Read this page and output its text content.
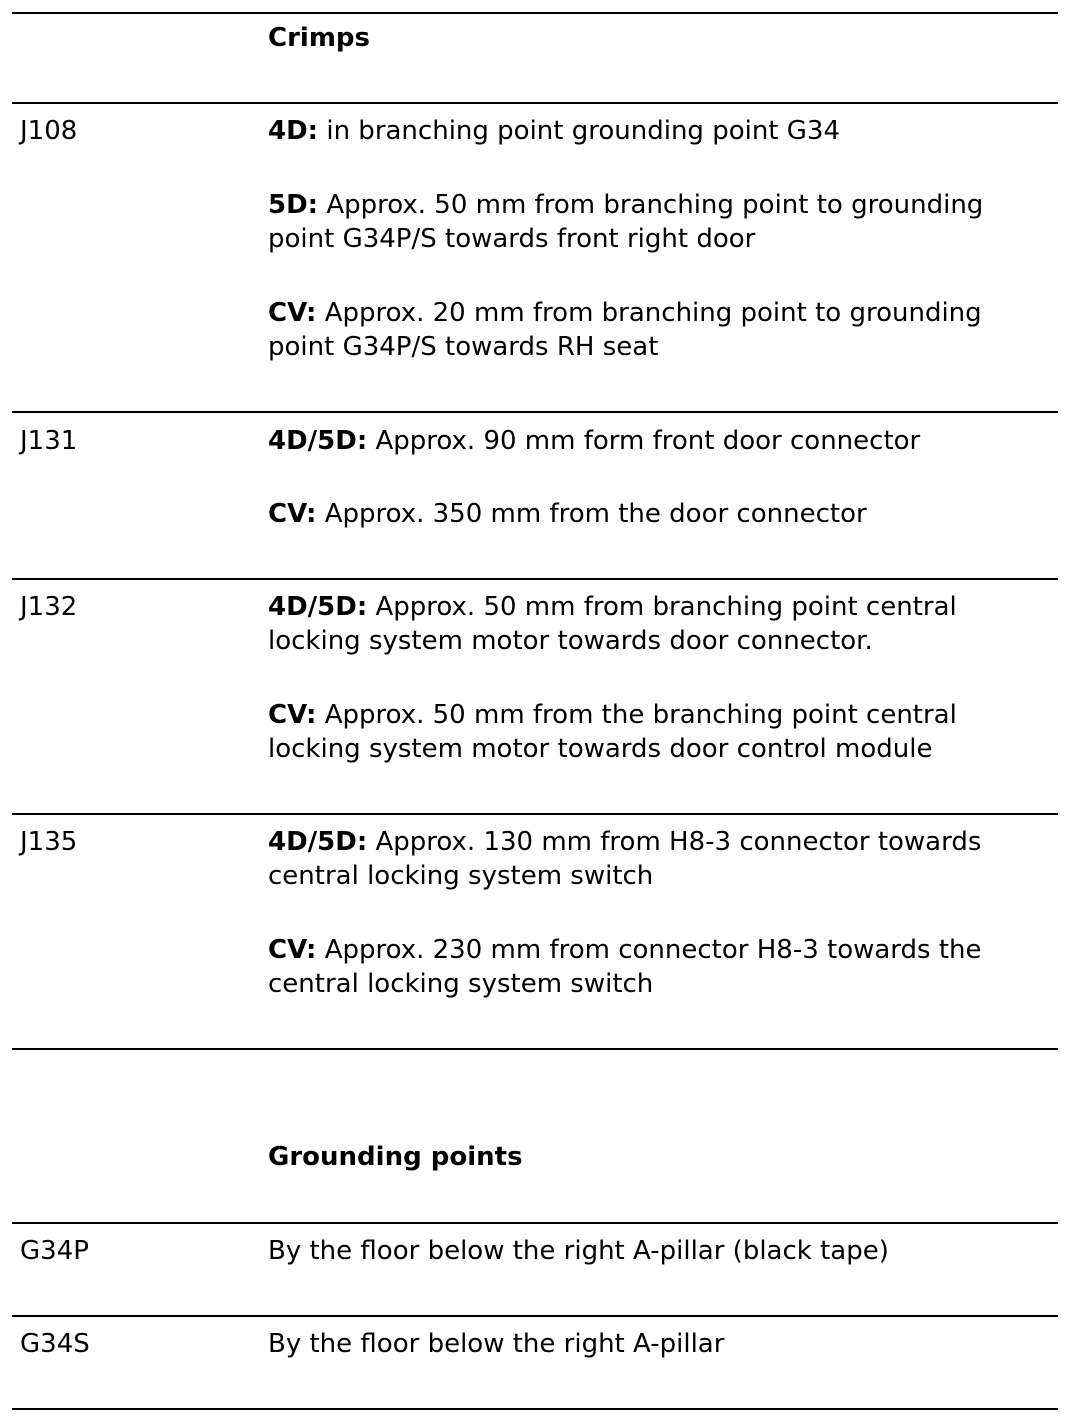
Crimps
J108	4D: in branching point grounding point G34
5D: Approx. 50 mm from branching point to grounding
point G34P/S towards front right door
CV: Approx. 20 mm from branching point to grounding
point G34P/S towards RH seat
J131	4D/5D: Approx. 90 mm form front door connector
CV: Approx. 350 mm from the door connector
J132	4D/5D: Approx. 50 mm from branching point central
locking system motor towards door connector.
CV: Approx. 50 mm from the branching point central
locking system motor towards door control module
J135	4D/5D: Approx. 130 mm from H8-3 connector towards
central locking system switch
CV: Approx. 230 mm from connector H8-3 towards the
central locking system switch
Grounding points
G34P	By the floor below the right A-pillar (black tape)
G34S	By the floor below the right A-pillar
